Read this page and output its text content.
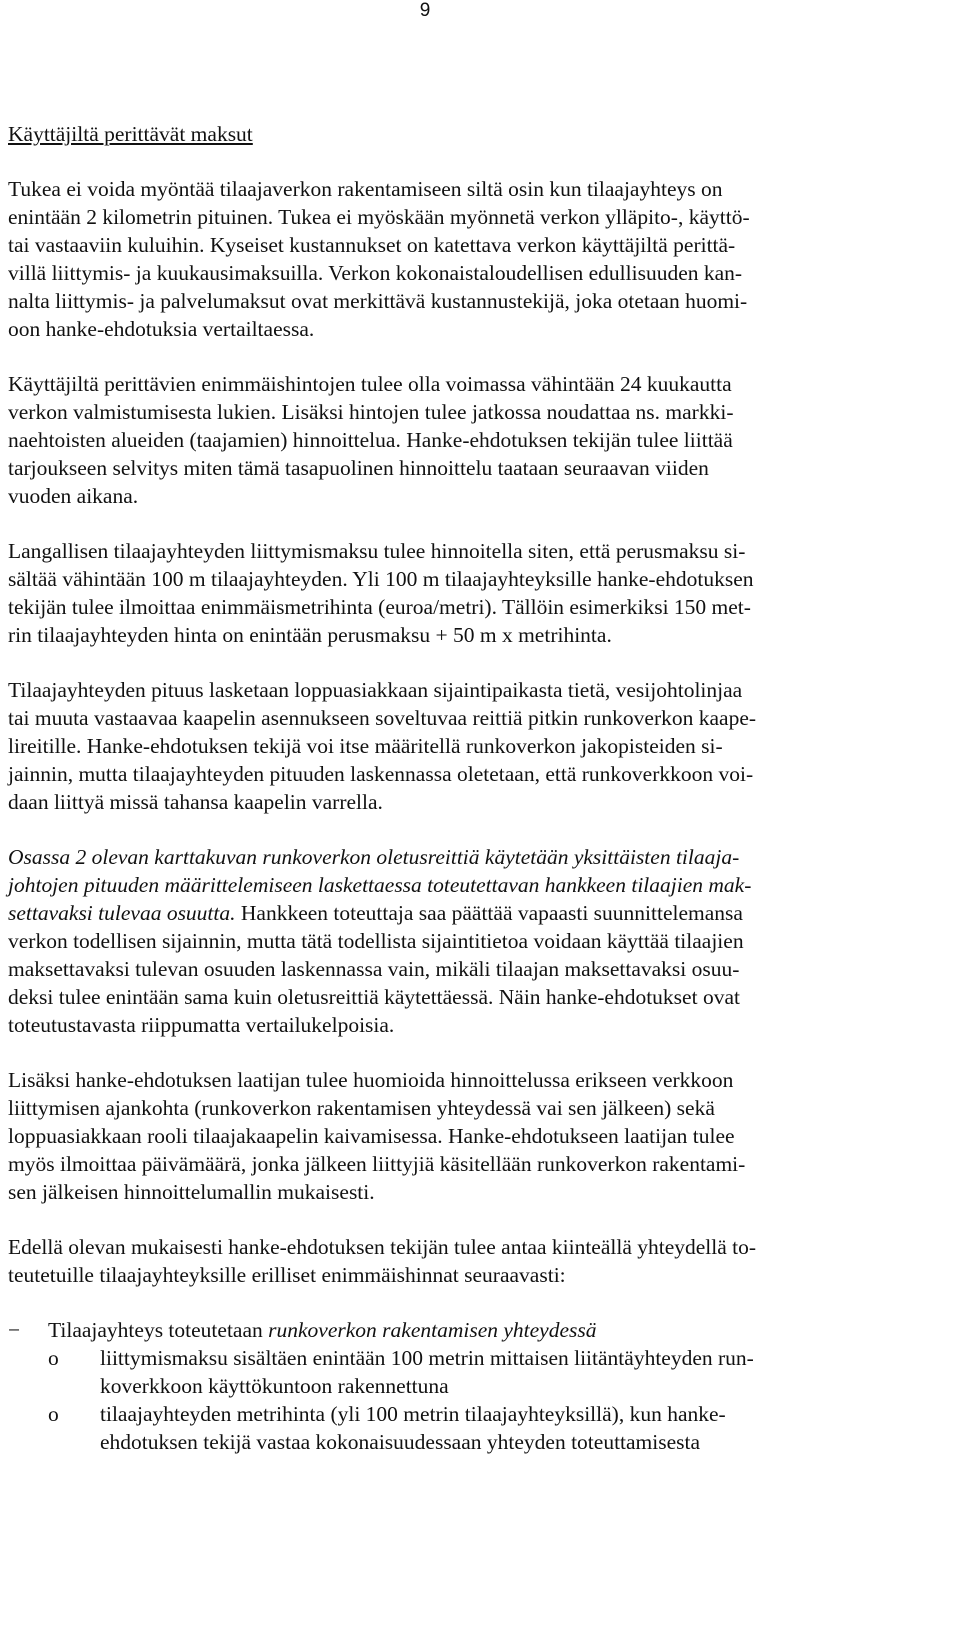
9
Käyttäjiltä perittävät maksut
Tukea ei voida myöntää tilaajaverkon rakentamiseen siltä osin kun tilaajayhteys on
enintään 2 kilometrin pituinen. Tukea ei myöskään myönnetä verkon ylläpito-, käyttö-
tai vastaaviin kuluihin. Kyseiset kustannukset on katettava verkon käyttäjiltä perittä-
villä liittymis- ja kuukausimaksuilla. Verkon kokonaistaloudellisen edullisuuden kan-
nalta liittymis- ja palvelumaksut ovat merkittävä kustannustekijä, joka otetaan huomi-
oon hanke-ehdotuksia vertailtaessa.
Käyttäjiltä perittävien enimmäishintojen tulee olla voimassa vähintään 24 kuukautta
verkon valmistumisesta lukien. Lisäksi hintojen tulee jatkossa noudattaa ns. markki-
naehtoisten alueiden (taajamien) hinnoittelua. Hanke-ehdotuksen tekijän tulee liittää
tarjoukseen selvitys miten tämä tasapuolinen hinnoittelu taataan seuraavan viiden
vuoden aikana.
Langallisen tilaajayhteyden liittymismaksu tulee hinnoitella siten, että perusmaksu si-
sältää vähintään 100 m tilaajayhteyden. Yli 100 m tilaajayhteyksille hanke-ehdotuksen
tekijän tulee ilmoittaa enimmäismetrihinta (euroa/metri). Tällöin esimerkiksi 150 met-
rin tilaajayhteyden hinta on enintään perusmaksu + 50 m x metrihinta.
Tilaajayhteyden pituus lasketaan loppuasiakkaan sijaintipaikasta tietä, vesijohtolinjaa
tai muuta vastaavaa kaapelin asennukseen soveltuvaa reittiä pitkin runkoverkon kaape-
lireitille. Hanke-ehdotuksen tekijä voi itse määritellä runkoverkon jakopisteiden si-
jainnin, mutta tilaajayhteyden pituuden laskennassa oletetaan, että runkoverkkoon voi-
daan liittyä missä tahansa kaapelin varrella.
Osassa 2 olevan karttakuvan runkoverkon oletusreittiä käytetään yksittäisten tilaaja-
johtojen pituuden määrittelemiseen laskettaessa toteutettavan hankkeen tilaajien mak-
settavaksi tulevaa osuutta. Hankkeen toteuttaja saa päättää vapaasti suunnittelemansa
verkon todellisen sijainnin, mutta tätä todellista sijaintitietoa voidaan käyttää tilaajien
maksettavaksi tulevan osuuden laskennassa vain, mikäli tilaajan maksettavaksi osuu-
deksi tulee enintään sama kuin oletusreittiä käytettäessä. Näin hanke-ehdotukset ovat
toteutustavasta riippumatta vertailukelpoisia.
Lisäksi hanke-ehdotuksen laatijan tulee huomioida hinnoittelussa erikseen verkkoon
liittymisen ajankohta (runkoverkon rakentamisen yhteydessä vai sen jälkeen) sekä
loppuasiakkaan rooli tilaajakaapelin kaivamisessa. Hanke-ehdotukseen laatijan tulee
myös ilmoittaa päivämäärä, jonka jälkeen liittyjiä käsitellään runkoverkon rakentami-
sen jälkeisen hinnoittelumallin mukaisesti.
Edellä olevan mukaisesti hanke-ehdotuksen tekijän tulee antaa kiinteällä yhteydellä to-
teutetuille tilaajayhteyksille erilliset enimmäishinnat seuraavasti:
− Tilaajayhteys toteutetaan runkoverkon rakentamisen yhteydessä
o	liittymismaksu sisältäen enintään 100 metrin mittaisen liitäntäyhteyden run-
koverkkoon käyttökuntoon rakennettuna
o	tilaajayhteyden metrihinta (yli 100 metrin tilaajayhteyksillä), kun hanke-
ehdotuksen tekijä vastaa kokonaisuudessaan yhteyden toteuttamisesta
